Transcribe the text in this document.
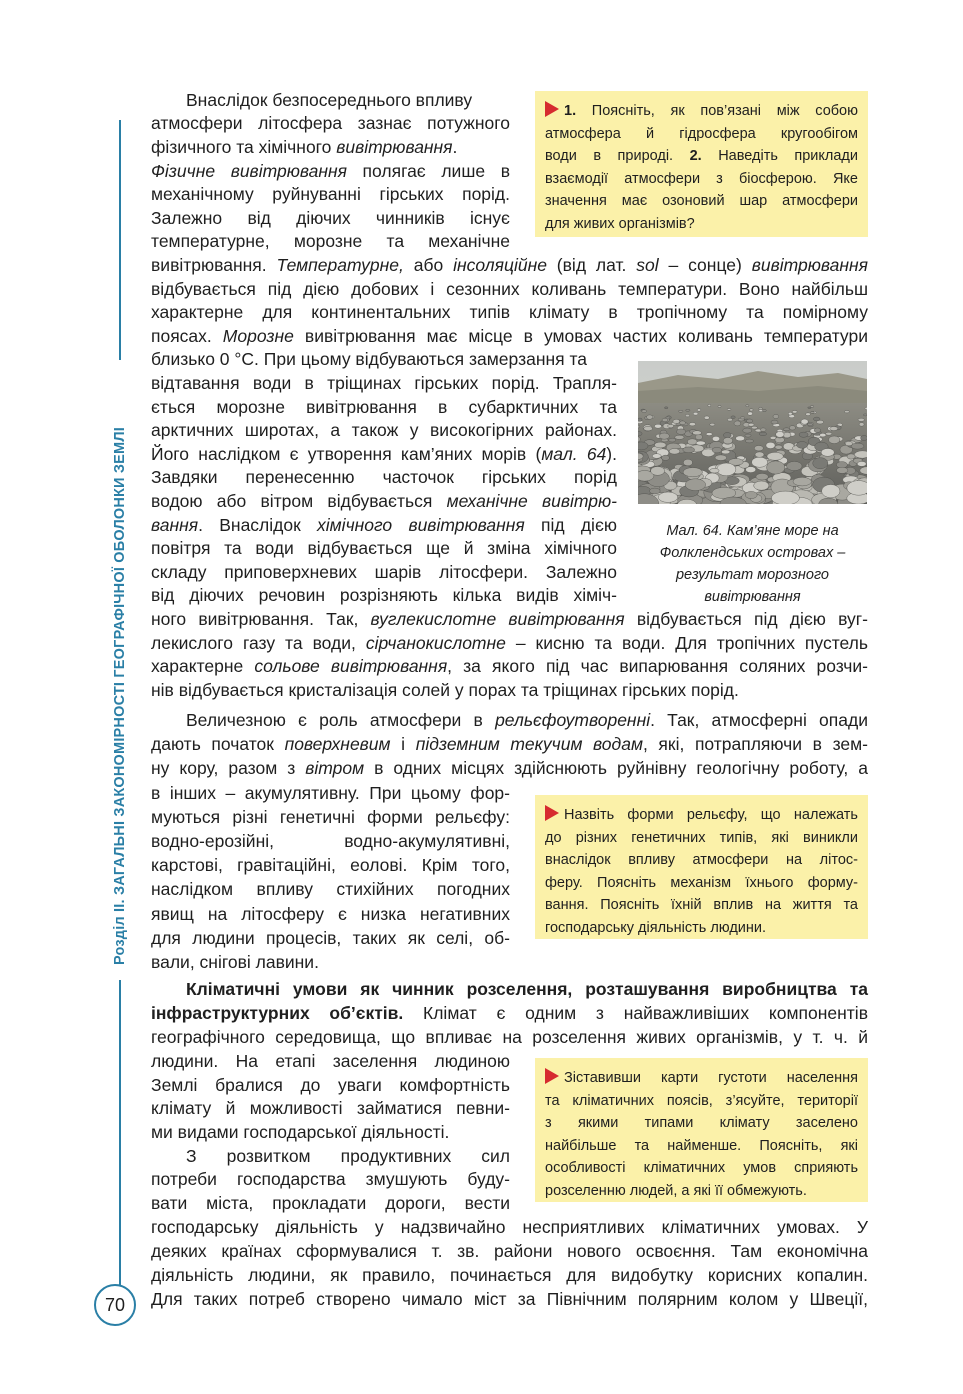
Розділ ІІ. ЗАГАЛЬНІ ЗАКОНОМІРНОСТІ ГЕОГРАФІЧНОЇ ОБОЛОНКИ ЗЕМЛІ
70
1. Поясніть, як пов’язані між собою
атмосфера й гідросфера кругообігом
води в природі. 2. Наведіть приклади
взаємодії атмосфери з біосферою. Яке
значення має озоновий шар атмосфери
для живих організмів?
Назвіть форми рельєфу, що належать
до різних генетичних типів, які виникли
внаслідок впливу атмосфери на літос-
феру. Поясніть механізм їхнього форму-
вання. Поясніть їхній вплив на життя та
господарську діяльність людини.
Зіставивши карти густоти населення
та кліматичних поясів, з’ясуйте, території
з якими типами клімату заселено
найбільше та найменше. Поясніть, які
особливості кліматичних умов сприяють
розселенню людей, а які її обмежують.
Мал. 64. Кам’яне море на
Фолклендських островах –
результат морозного
вивітрювання
Внаслідок безпосереднього впливу
атмосфери літосфера зазнає потужного
фізичного та хімічного вивітрювання.
Фізичне вивітрювання полягає лише в
механічному руйнуванні гірських порід.
Залежно від діючих чинників існує
температурне, морозне та механічне
вивітрювання. Температурне, або інсоляційне (від лат. sol – сонце) вивітрювання
відбувається під дією добових і сезонних коливань температури. Воно найбільш
характерне для континентальних типів клімату в тропічному та помірному
поясах. Морозне вивітрювання має місце в умовах частих коливань температури
близько 0 °С. При цьому відбуваються замерзання та
відтавання води в тріщинах гірських порід. Трапля-
ється морозне вивітрювання в субарктичних та
арктичних широтах, а також у високогірних районах.
Його наслідком є утворення кам’яних морів (мал. 64).
Завдяки перенесенню часточок гірських порід
водою або вітром відбувається механічне вивітрю-
вання. Внаслідок хімічного вивітрювання під дією
повітря та води відбувається ще й зміна хімічного
складу приповерхневих шарів літосфери. Залежно
від діючих речовин розрізняють кілька видів хіміч-
ного вивітрювання. Так, вуглекислотне вивітрювання відбувається під дією вуг-
лекислого газу та води, сірчанокислотне – кисню та води. Для тропічних пустель
характерне сольове вивітрювання, за якого під час випарювання соляних розчи-
нів відбувається кристалізація солей у порах та тріщинах гірських порід.
Величезною є роль атмосфери в рельєфоутворенні. Так, атмосферні опади
дають початок поверхневим і підземним текучим водам, які, потрапляючи в зем-
ну кору, разом з вітром в одних місцях здійснюють руйнівну геологічну роботу, а
в інших – акумулятивну. При цьому фор-
муються різні генетичні форми рельєфу:
водно-ерозійні, водно-акумулятивні,
карстові, гравітаційні, еолові. Крім того,
наслідком впливу стихійних погодних
явищ на літосферу є низка негативних
для людини процесів, таких як селі, об-
вали, снігові лавини.
Кліматичні умови як чинник розселення, розташування виробництва та
інфраструктурних об’єктів. Клімат є одним з найважливіших компонентів
географічного середовища, що впливає на розселення живих організмів, у т. ч. й
людини. На етапі заселення людиною
Землі бралися до уваги комфортність
клімату й можливості займатися певни-
ми видами господарської діяльності.
З розвитком продуктивних сил
потреби господарства змушують буду-
вати міста, прокладати дороги, вести
господарську діяльність у надзвичайно несприятливих кліматичних умовах. У
деяких країнах сформувалися т. зв. райони нового освоєння. Там економічна
діяльність людини, як правило, починається для видобутку корисних копалин.
Для таких потреб створено чимало міст за Північним полярним колом у Швеції,
